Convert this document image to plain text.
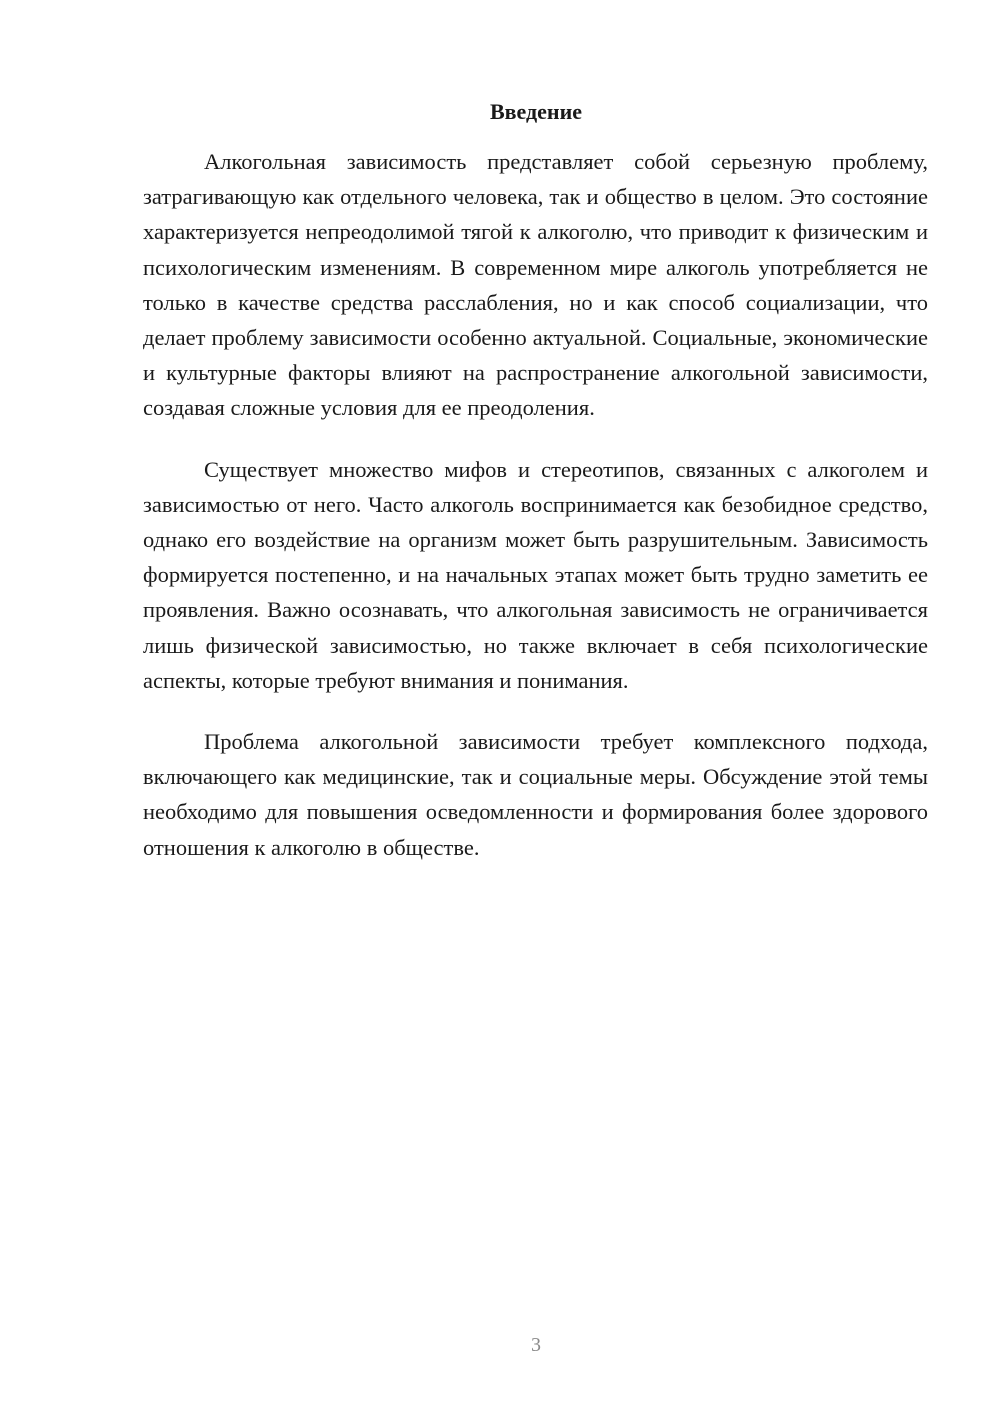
Введение

Алкогольная зависимость представляет собой серьезную проблему, затрагивающую как отдельного человека, так и общество в целом. Это состояние характеризуется непреодолимой тягой к алкоголю, что приводит к физическим и психологическим изменениям. В современном мире алкоголь употребляется не только в качестве средства расслабления, но и как способ социализации, что делает проблему зависимости особенно актуальной. Социальные, экономические и культурные факторы влияют на распространение алкогольной зависимости, создавая сложные условия для ее преодоления.

Существует множество мифов и стереотипов, связанных с алкоголем и зависимостью от него. Часто алкоголь воспринимается как безобидное средство, однако его воздействие на организм может быть разрушительным. Зависимость формируется постепенно, и на начальных этапах может быть трудно заметить ее проявления. Важно осознавать, что алкогольная зависимость не ограничивается лишь физической зависимостью, но также включает в себя психологические аспекты, которые требуют внимания и понимания.

Проблема алкогольной зависимости требует комплексного подхода, включающего как медицинские, так и социальные меры. Обсуждение этой темы необходимо для повышения осведомленности и формирования более здорового отношения к алкоголю в обществе.

3
